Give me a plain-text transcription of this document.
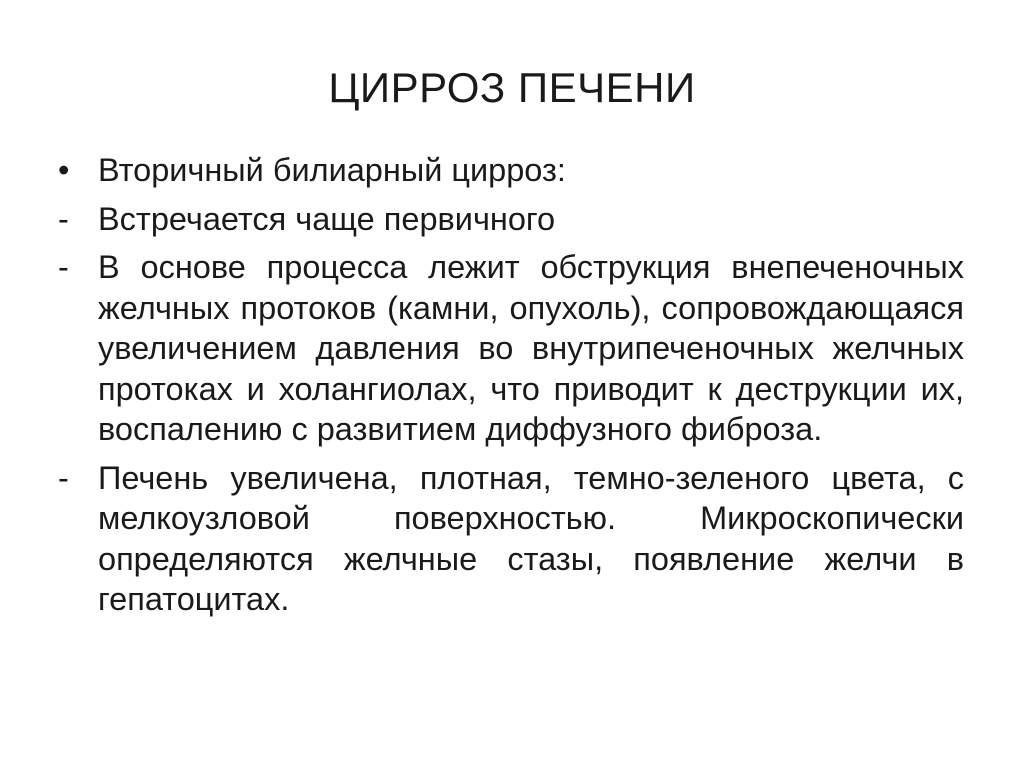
ЦИРРОЗ ПЕЧЕНИ
• Вторичный билиарный цирроз:
- Встречается чаще первичного
- В основе процесса лежит обструкция внепеченочных желчных протоков (камни, опухоль), сопровождающаяся увеличением давления во внутрипеченочных желчных протоках и холангиолах, что приводит к деструкции их, воспалению с развитием диффузного фиброза.
- Печень увеличена, плотная, темно-зеленого цвета, с мелкоузловой поверхностью. Микроскопически определяются желчные стазы, появление желчи в гепатоцитах.
